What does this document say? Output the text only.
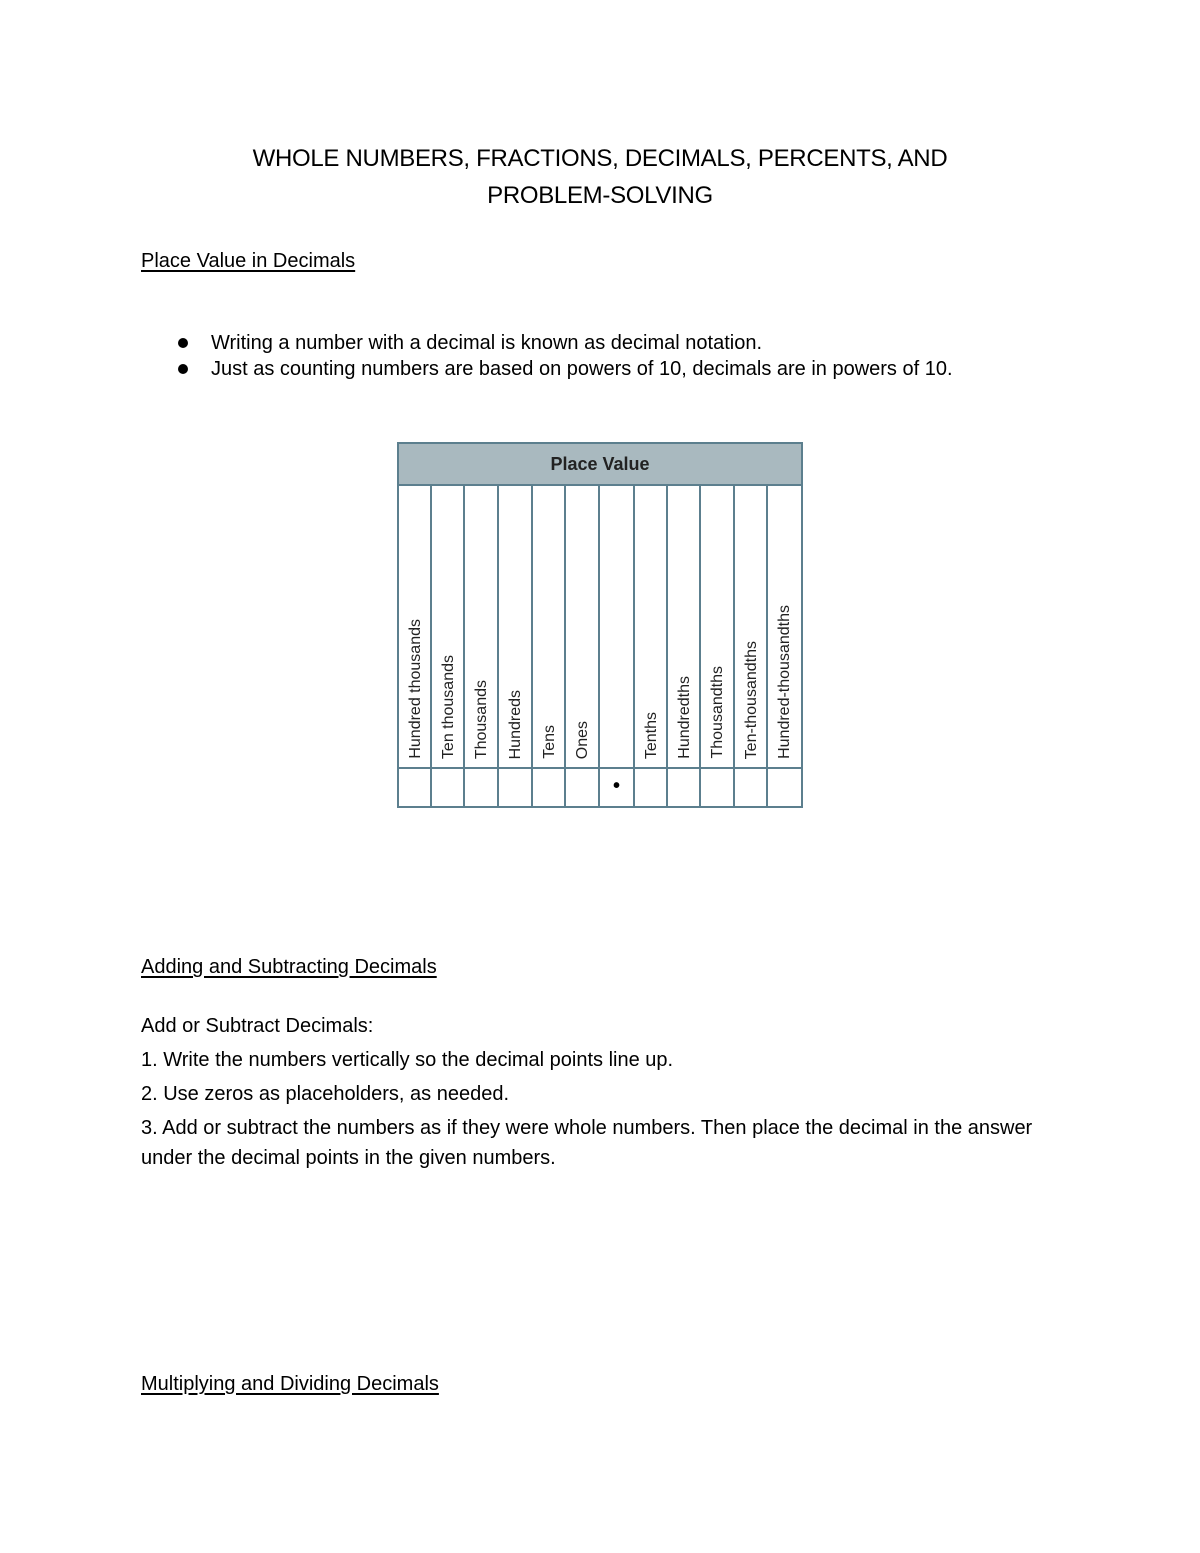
WHOLE NUMBERS, FRACTIONS, DECIMALS, PERCENTS, AND
PROBLEM-SOLVING
Place Value in Decimals
Writing a number with a decimal is known as decimal notation.
Just as counting numbers are based on powers of 10, decimals are in powers of 10.
Place Value
Hundred thousands Ten thousands Thousands Hundreds Tens Ones
•
Tenths Hundredths Thousandths Ten-thousandths Hundred-thousandths
Adding and Subtracting Decimals
Add or Subtract Decimals:
1. Write the numbers vertically so the decimal points line up.
2. Use zeros as placeholders, as needed.
3. Add or subtract the numbers as if they were whole numbers. Then place the decimal in the answer under the decimal points in the given numbers.
Multiplying and Dividing Decimals
